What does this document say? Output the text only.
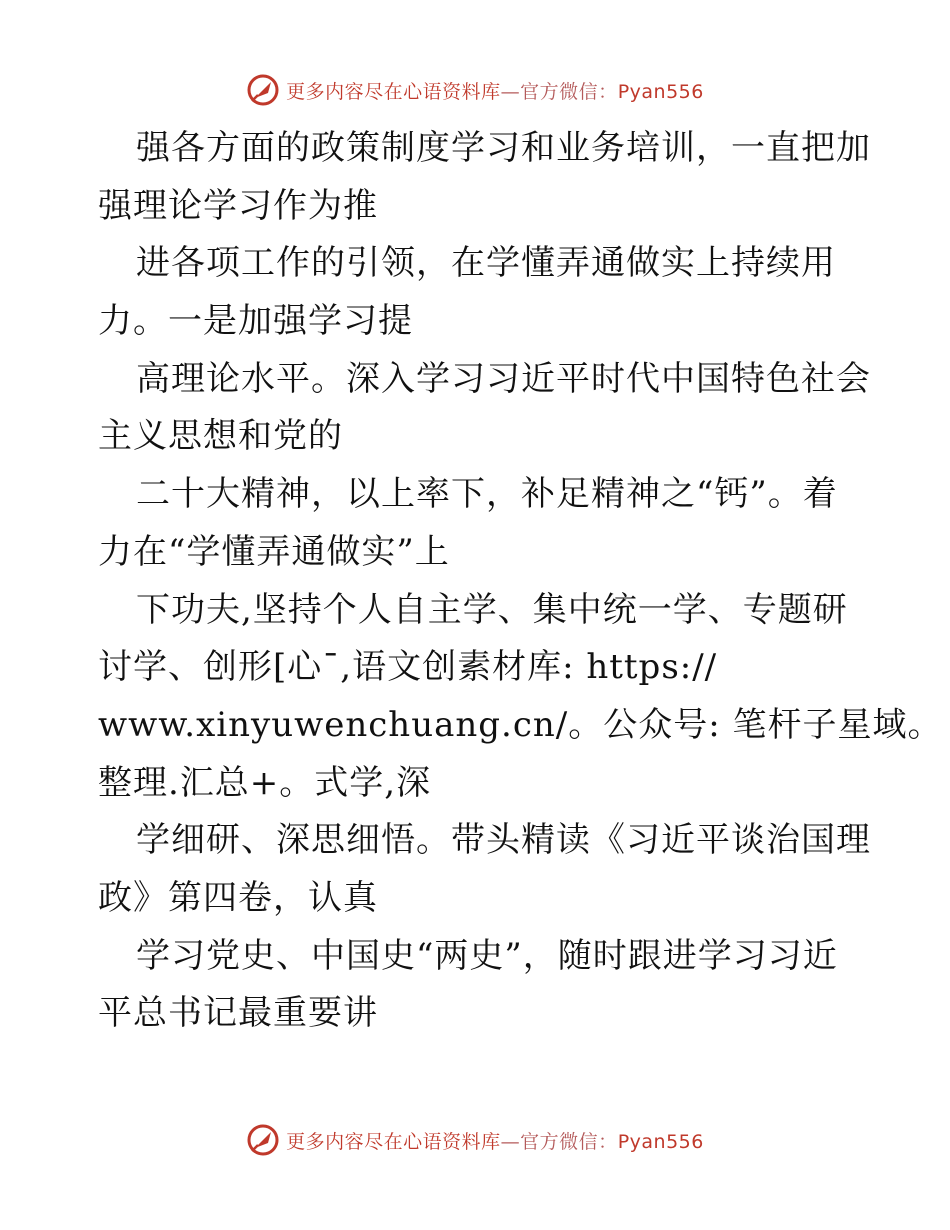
更多内容尽在心语资料库—官方微信：Pyan556
强各方面的政策制度学习和业务培训，一直把加
强理论学习作为推
进各项工作的引领，在学懂弄通做实上持续用
力。一是加强学习提
高理论水平。深入学习习近平时代中国特色社会
主义思想和党的
二十大精神，以上率下，补足精神之“钙”。着
力在“学懂弄通做实”上
下功夫,坚持个人自主学、集中统一学、专题研
讨学、创形[心¯,语文创素材库: https://
www.xinyuwenchuang.cn/。公众号: 笔杆子星域。
整理.汇总+。式学,深
学细研、深思细悟。带头精读《习近平谈治国理
政》第四卷，认真
学习党史、中国史“两史”，随时跟进学习习近
平总书记最重要讲
更多内容尽在心语资料库—官方微信：Pyan556
